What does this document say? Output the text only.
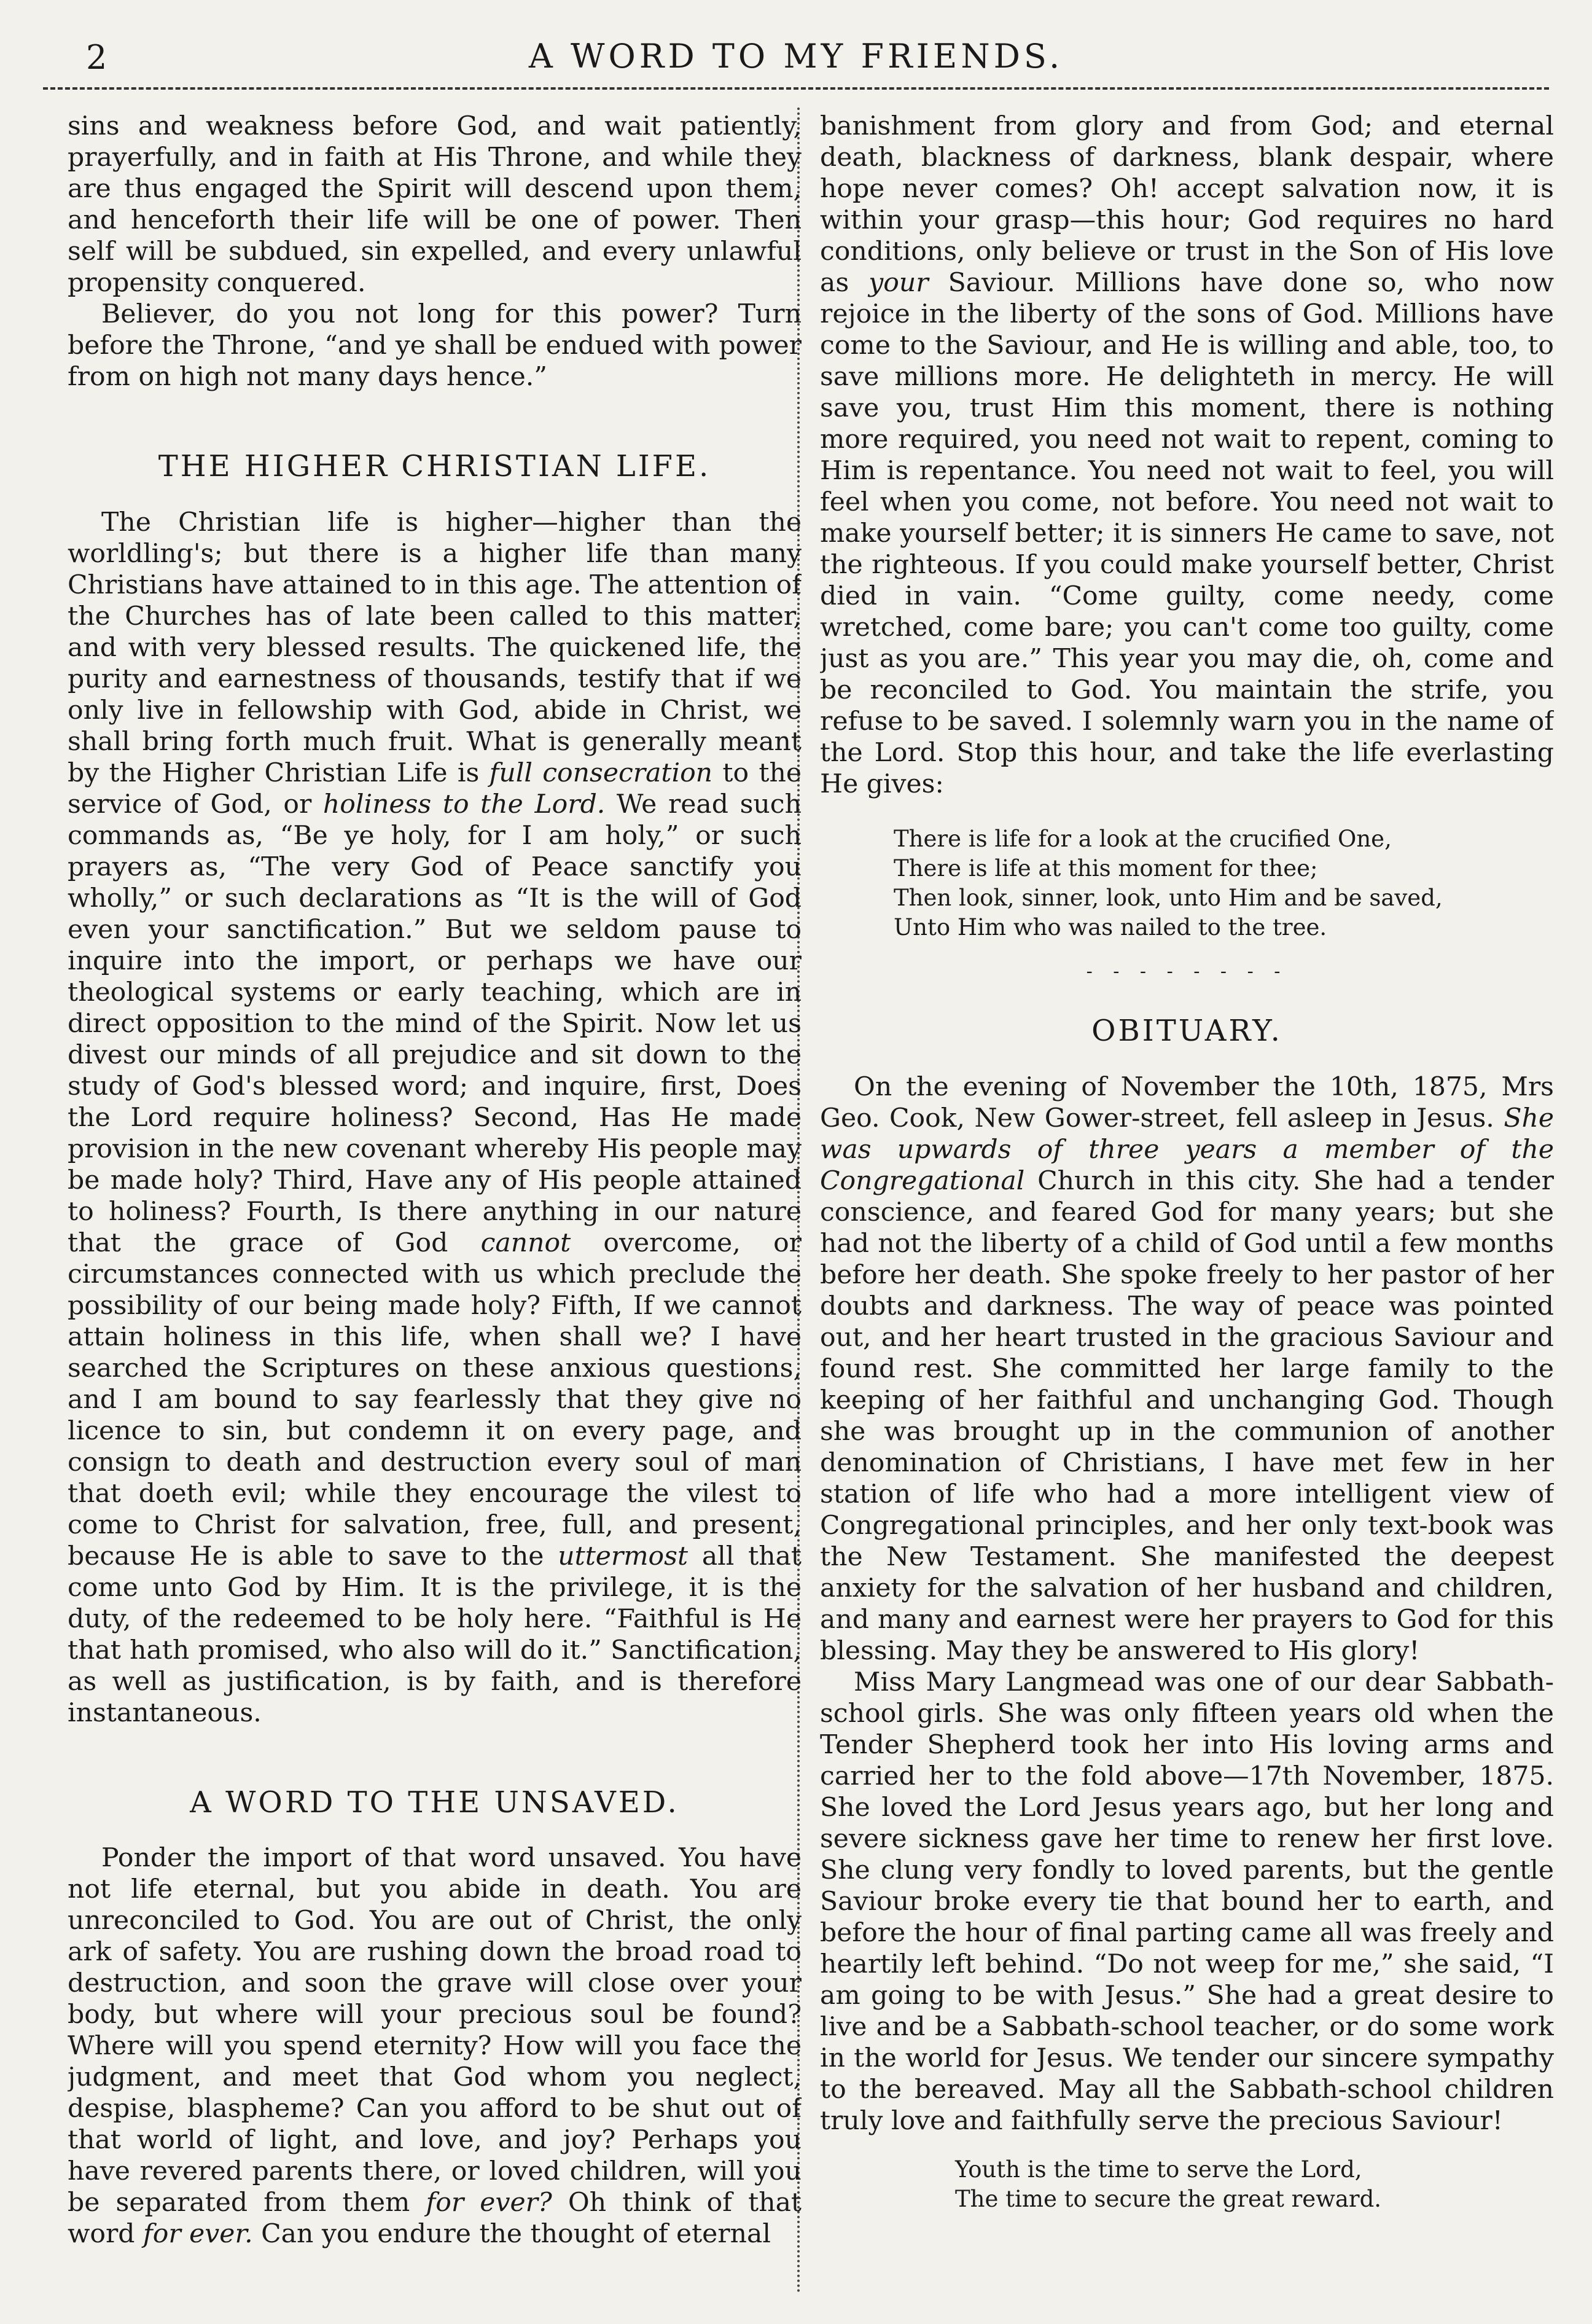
2	A WORD TO MY FRIENDS.

sins and weakness before God, and wait patiently, prayerfully, and in faith at His Throne, and while they are thus engaged the Spirit will descend upon them, and henceforth their life will be one of power. Then self will be subdued, sin expelled, and every unlawful propensity conquered.

Believer, do you not long for this power? Turn before the Throne, “and ye shall be endued with power from on high not many days hence.”

THE HIGHER CHRISTIAN LIFE.

The Christian life is higher—higher than the worldling's; but there is a higher life than many Christians have attained to in this age. The attention of the Churches has of late been called to this matter, and with very blessed results. The quickened life, the purity and earnestness of thousands, testify that if we only live in fellowship with God, abide in Christ, we shall bring forth much fruit. What is generally meant by the Higher Christian Life is full consecration to the service of God, or holiness to the Lord. We read such commands as, “Be ye holy, for I am holy,” or such prayers as, “The very God of Peace sanctify you wholly,” or such declarations as “It is the will of God even your sanctification.” But we seldom pause to inquire into the import, or perhaps we have our theological systems or early teaching, which are in direct opposition to the mind of the Spirit. Now let us divest our minds of all prejudice and sit down to the study of God's blessed word; and inquire, first, Does the Lord require holiness? Second, Has He made provision in the new covenant whereby His people may be made holy? Third, Have any of His people attained to holiness? Fourth, Is there anything in our nature that the grace of God cannot overcome, or circumstances connected with us which preclude the possibility of our being made holy? Fifth, If we cannot attain holiness in this life, when shall we? I have searched the Scriptures on these anxious questions, and I am bound to say fearlessly that they give no licence to sin, but condemn it on every page, and consign to death and destruction every soul of man that doeth evil; while they encourage the vilest to come to Christ for salvation, free, full, and present, because He is able to save to the uttermost all that come unto God by Him. It is the privilege, it is the duty, of the redeemed to be holy here. “Faithful is He that hath promised, who also will do it.” Sanctification, as well as justification, is by faith, and is therefore instantaneous.

A WORD TO THE UNSAVED.

Ponder the import of that word unsaved. You have not life eternal, but you abide in death. You are unreconciled to God. You are out of Christ, the only ark of safety. You are rushing down the broad road to destruction, and soon the grave will close over your body, but where will your precious soul be found? Where will you spend eternity? How will you face the judgment, and meet that God whom you neglect, despise, blaspheme? Can you afford to be shut out of that world of light, and love, and joy? Perhaps you have revered parents there, or loved children, will you be separated from them for ever? Oh think of that word for ever. Can you endure the thought of eternal

banishment from glory and from God; and eternal death, blackness of darkness, blank despair, where hope never comes? Oh! accept salvation now, it is within your grasp—this hour; God requires no hard conditions, only believe or trust in the Son of His love as your Saviour. Millions have done so, who now rejoice in the liberty of the sons of God. Millions have come to the Saviour, and He is willing and able, too, to save millions more. He delighteth in mercy. He will save you, trust Him this moment, there is nothing more required, you need not wait to repent, coming to Him is repentance. You need not wait to feel, you will feel when you come, not before. You need not wait to make yourself better; it is sinners He came to save, not the righteous. If you could make yourself better, Christ died in vain. “Come guilty, come needy, come wretched, come bare; you can't come too guilty, come just as you are.” This year you may die, oh, come and be reconciled to God. You maintain the strife, you refuse to be saved. I solemnly warn you in the name of the Lord. Stop this hour, and take the life everlasting He gives:

There is life for a look at the crucified One,
There is life at this moment for thee;
Then look, sinner, look, unto Him and be saved,
Unto Him who was nailed to the tree.
- - - - - - - -
OBITUARY.

On the evening of November the 10th, 1875, Mrs Geo. Cook, New Gower-street, fell asleep in Jesus. She was upwards of three years a member of the Congregational Church in this city. She had a tender conscience, and feared God for many years; but she had not the liberty of a child of God until a few months before her death. She spoke freely to her pastor of her doubts and darkness. The way of peace was pointed out, and her heart trusted in the gracious Saviour and found rest. She committed her large family to the keeping of her faithful and unchanging God. Though she was brought up in the communion of another denomination of Christians, I have met few in her station of life who had a more intelligent view of Congregational principles, and her only text-book was the New Testament. She manifested the deepest anxiety for the salvation of her husband and children, and many and earnest were her prayers to God for this blessing. May they be answered to His glory!

Miss Mary Langmead was one of our dear Sabbath-school girls. She was only fifteen years old when the Tender Shepherd took her into His loving arms and carried her to the fold above—17th November, 1875. She loved the Lord Jesus years ago, but her long and severe sickness gave her time to renew her first love. She clung very fondly to loved parents, but the gentle Saviour broke every tie that bound her to earth, and before the hour of final parting came all was freely and heartily left behind. “Do not weep for me,” she said, “I am going to be with Jesus.” She had a great desire to live and be a Sabbath-school teacher, or do some work in the world for Jesus. We tender our sincere sympathy to the bereaved. May all the Sabbath-school children truly love and faithfully serve the precious Saviour!

Youth is the time to serve the Lord,
The time to secure the great reward.
